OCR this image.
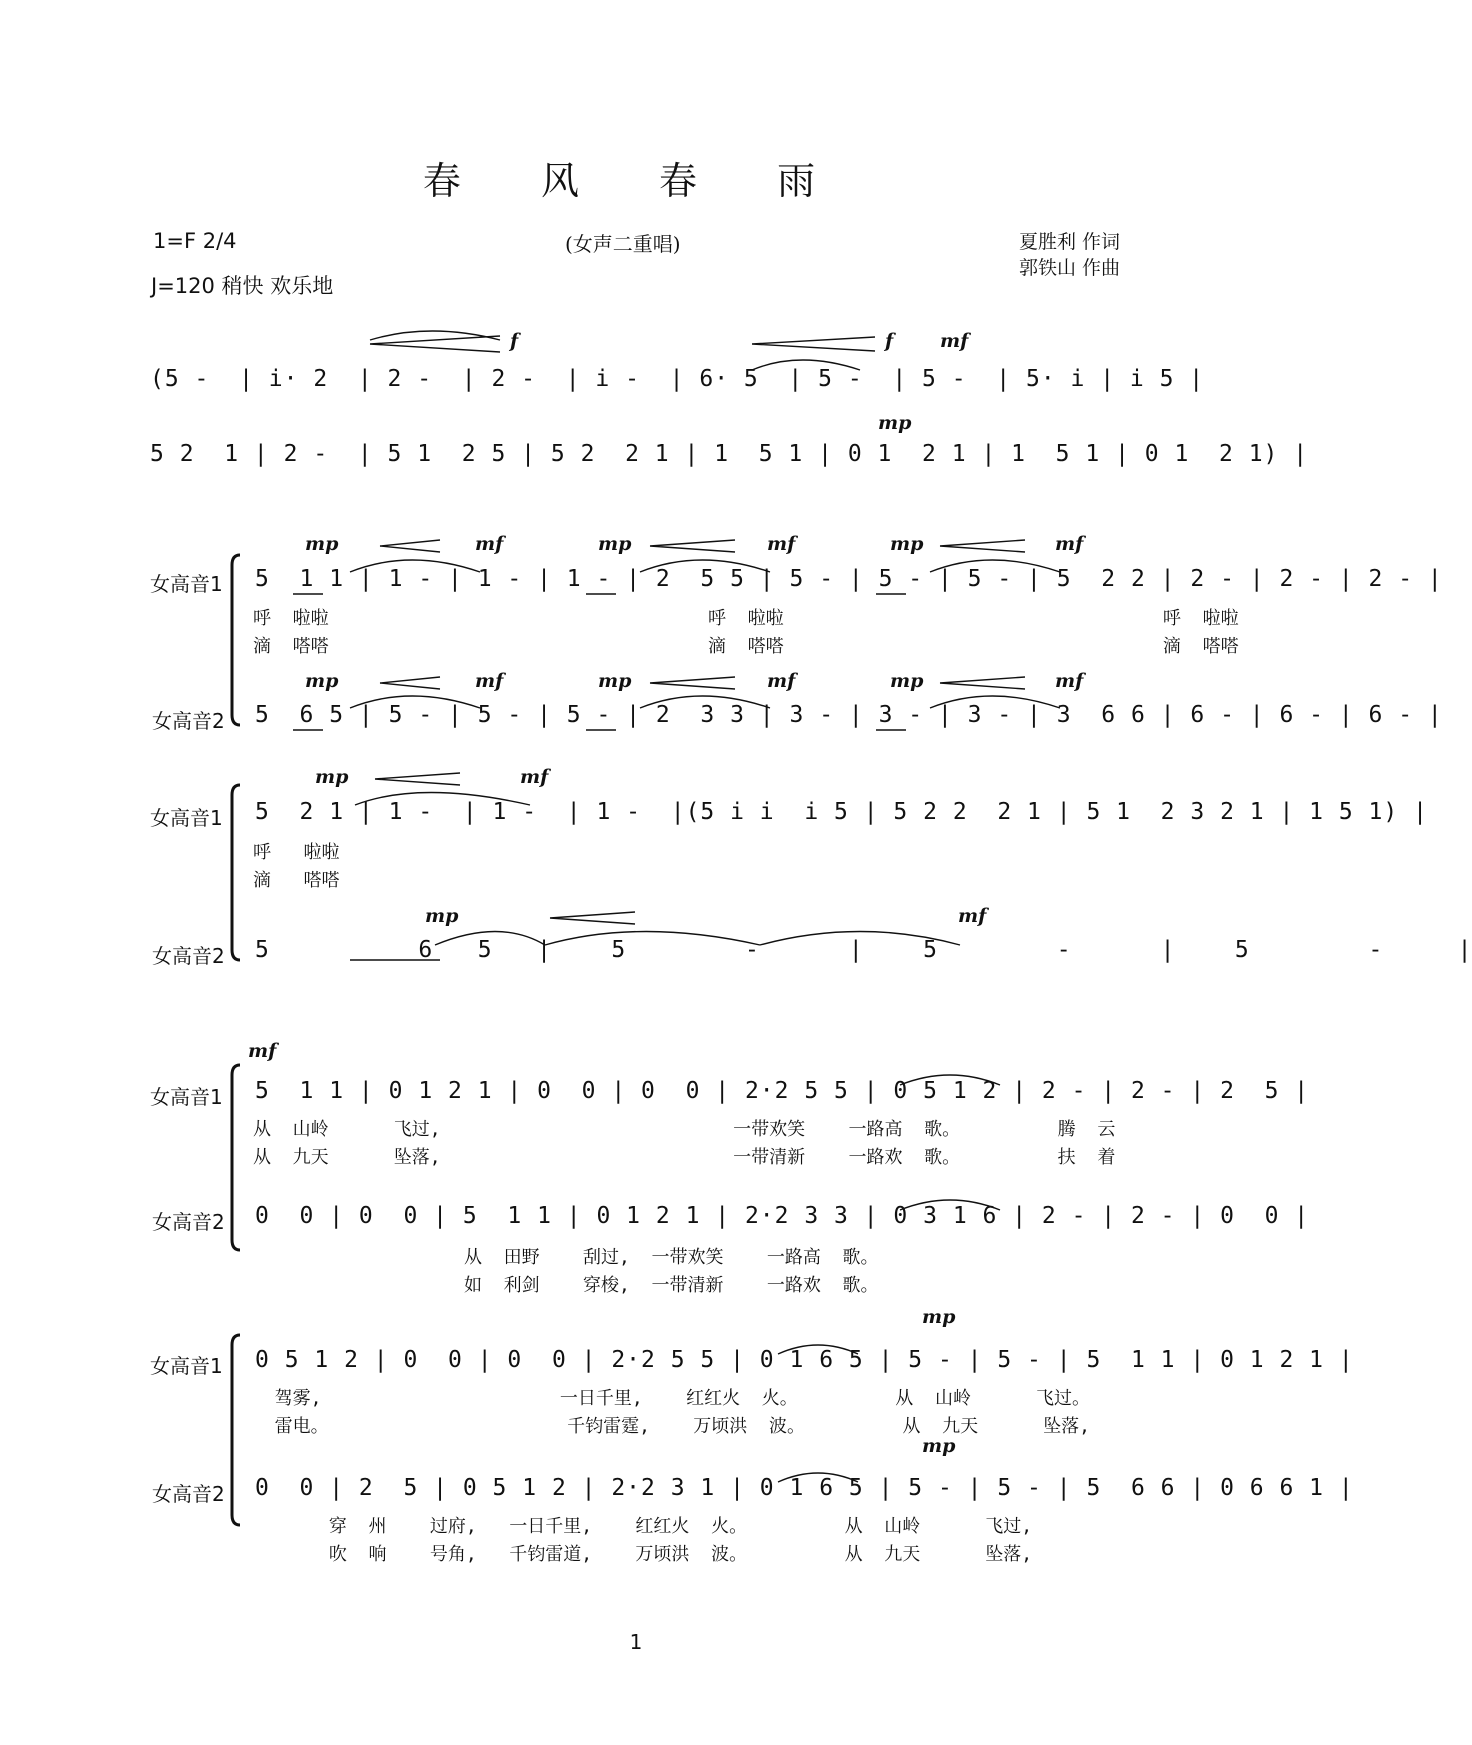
春 风 春 雨
1=F 2/4
J=120 稍快 欢乐地
(女声二重唱)	夏胜利 作词
郭铁山 作曲
f	f mf
(5 -  | i· 2  | 2 -  | 2 -  | i -  | 6· 5  | 5 -  | 5 -  | 5· i | i 5 |
mp
5 2  1 | 2 -  | 5 1  2 5 | 5 2  2 1 | 1  5 1 | 0 1  2 1 | 1  5 1 | 0 1  2 1) |
女高音1
mp	mf	mp	mf	mp	mf
5  1 1 | 1 - | 1 - | 1 - | 2  5 5 | 5 - | 5 - | 5 - | 5  2 2 | 2 - | 2 - | 2 - |
呼  啦啦                                   呼  啦啦                                   呼  啦啦
滴  嗒嗒                                   滴  嗒嗒                                   滴  嗒嗒
女高音2
mp	mf	mp	mf	mp	mf
5  6 5 | 5 - | 5 - | 5 - | 2  3 3 | 3 - | 3 - | 3 - | 3  6 6 | 6 - | 6 - | 6 - |
女高音1
mp	mf
5  2 1 | 1 -  | 1 -  | 1 -  |(5 i i  i 5 | 5 2 2  2 1 | 5 1  2 3 2 1 | 1 5 1) |
呼   啦啦
滴   嗒嗒
女高音2
mp	mf
5          6   5   |    5        -      |    5        -      |    5        -     |
mf
女高音1	5  1 1 | 0 1 2 1 | 0  0 | 0  0 | 2·2 5 5 | 0 5 1 2 | 2 - | 2 - | 2  5 |
从  山岭      飞过,                           一带欢笑    一路高  歌。         腾  云
从  九天      坠落,                           一带清新    一路欢  歌。         扶  着
女高音2	0  0 | 0  0 | 5  1 1 | 0 1 2 1 | 2·2 3 3 | 0 3 1 6 | 2 - | 2 - | 0  0 |
从  田野    刮过,  一带欢笑    一路高  歌。
如  利剑    穿梭,  一带清新    一路欢  歌。
女高音1
mp
0 5 1 2 | 0  0 | 0  0 | 2·2 5 5 | 0 1 6 5 | 5 - | 5 - | 5  1 1 | 0 1 2 1 |
驾雾,                      一日千里,    红红火  火。         从  山岭      飞过。
雷电。                      千钧雷霆,    万顷洪  波。         从  九天      坠落,
女高音2
mp
0  0 | 2  5 | 0 5 1 2 | 2·2 3 1 | 0 1 6 5 | 5 - | 5 - | 5  6 6 | 0 6 6 1 |
穿  州    过府,   一日千里,    红红火  火。         从  山岭      飞过,
吹  响    号角,   千钧雷道,    万顷洪  波。         从  九天      坠落,
1
